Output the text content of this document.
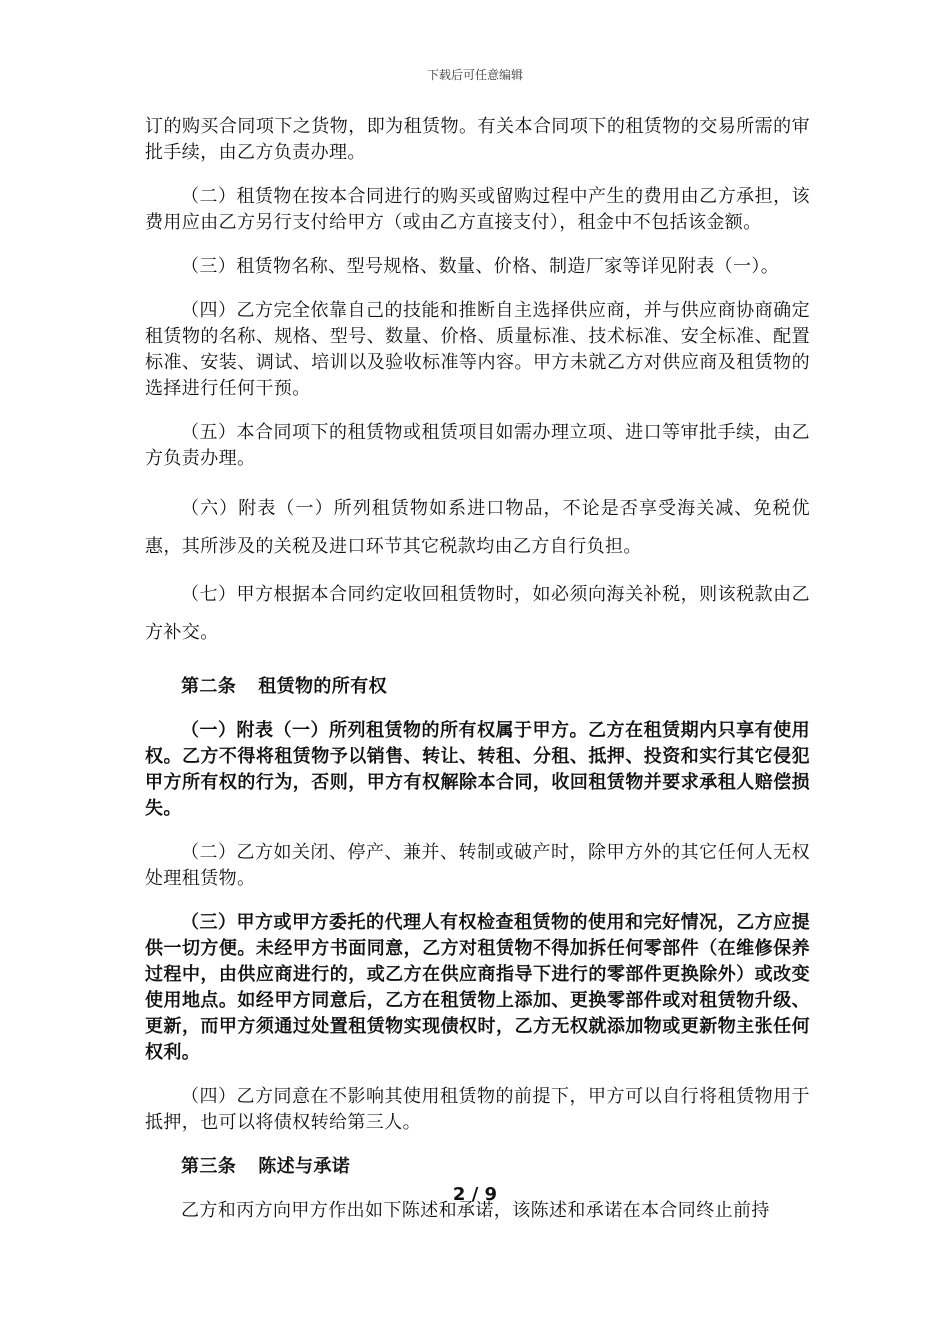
下载后可任意编辑

订的购买合同项下之货物，即为租赁物。有关本合同项下的租赁物的交易所需的审批手续，由乙方负责办理。

（二）租赁物在按本合同进行的购买或留购过程中产生的费用由乙方承担，该费用应由乙方另行支付给甲方（或由乙方直接支付），租金中不包括该金额。

（三）租赁物名称、型号规格、数量、价格、制造厂家等详见附表（一）。

（四）乙方完全依靠自己的技能和推断自主选择供应商，并与供应商协商确定租赁物的名称、规格、型号、数量、价格、质量标准、技术标准、安全标准、配置标准、安装、调试、培训以及验收标准等内容。甲方未就乙方对供应商及租赁物的选择进行任何干预。

（五）本合同项下的租赁物或租赁项目如需办理立项、进口等审批手续，由乙方负责办理。

（六）附表（一）所列租赁物如系进口物品，不论是否享受海关减、免税优惠，其所涉及的关税及进口环节其它税款均由乙方自行负担。

（七）甲方根据本合同约定收回租赁物时，如必须向海关补税，则该税款由乙方补交。

第二条 租赁物的所有权

（一）附表（一）所列租赁物的所有权属于甲方。乙方在租赁期内只享有使用权。乙方不得将租赁物予以销售、转让、转租、分租、抵押、投资和实行其它侵犯甲方所有权的行为，否则，甲方有权解除本合同，收回租赁物并要求承租人赔偿损失。

（二）乙方如关闭、停产、兼并、转制或破产时，除甲方外的其它任何人无权处理租赁物。

（三）甲方或甲方委托的代理人有权检查租赁物的使用和完好情况，乙方应提供一切方便。未经甲方书面同意，乙方对租赁物不得加拆任何零部件（在维修保养过程中，由供应商进行的，或乙方在供应商指导下进行的零部件更换除外）或改变使用地点。如经甲方同意后，乙方在租赁物上添加、更换零部件或对租赁物升级、更新，而甲方须通过处置租赁物实现债权时，乙方无权就添加物或更新物主张任何权利。

（四）乙方同意在不影响其使用租赁物的前提下，甲方可以自行将租赁物用于抵押，也可以将债权转给第三人。

第三条 陈述与承诺

乙方和丙方向甲方作出如下陈述和承诺，该陈述和承诺在本合同终止前持

2 / 9
